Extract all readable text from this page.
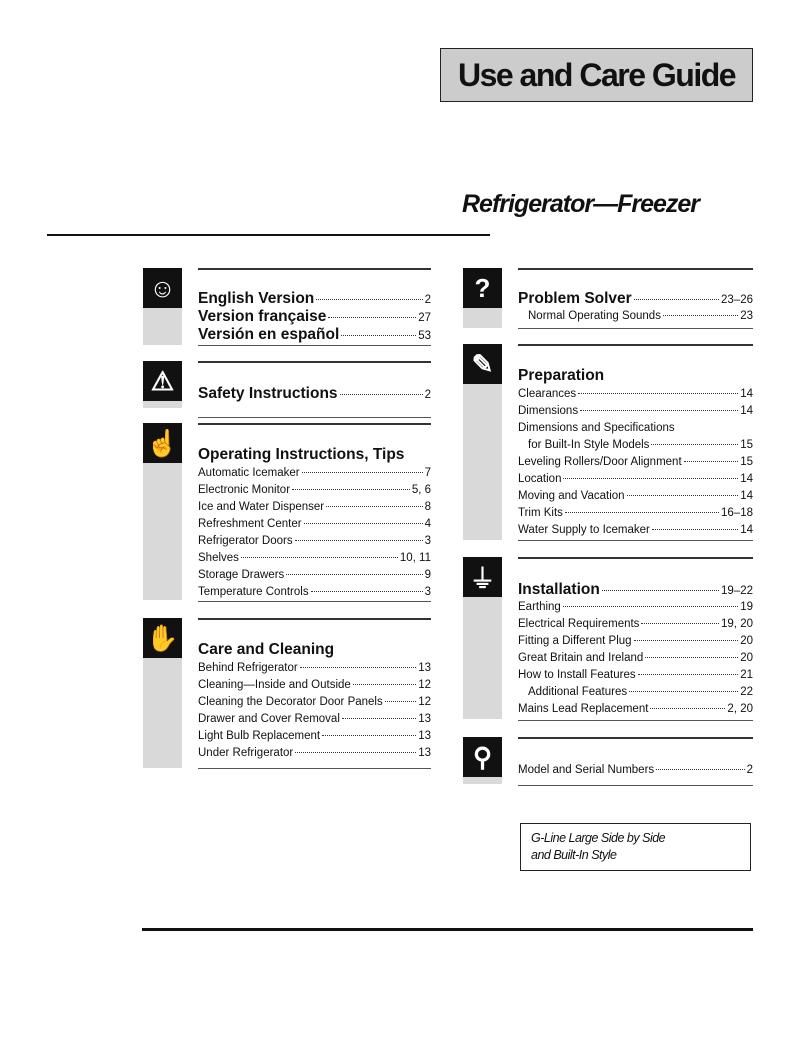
Use and Care Guide
Refrigerator—Freezer
G-Line Large Side by Side
and Built-In Style
☺	English Version	2
Version française	27
Versión en español	53
⚠	Safety Instructions	2
☝ Operating Instructions, Tips
Automatic Icemaker	7
Electronic Monitor	5, 6
Ice and Water Dispenser	8
Refreshment Center	4
Refrigerator Doors	3
Shelves	10, 11
Storage Drawers	9
Temperature Controls	3
✋ Care and Cleaning
Behind Refrigerator	13
Cleaning—Inside and Outside	12
Cleaning the Decorator Door Panels	12
Drawer and Cover Removal	13
Light Bulb Replacement	13
Under Refrigerator	13
?	Problem Solver	23–26
Normal Operating Sounds	23
✎	Preparation
Clearances	14
Dimensions	14
Dimensions and Specifications
for Built-In Style Models	15
Leveling Rollers/Door Alignment	15
Location	14
Moving and Vacation	14
Trim Kits	16–18
Water Supply to Icemaker	14
⏚	Installation	19–22
Earthing	19
Electrical Requirements	19, 20
Fitting a Different Plug	20
Great Britain and Ireland	20
How to Install Features	21
Additional Features	22
Mains Lead Replacement	2, 20
⚲	Model and Serial Numbers	2
